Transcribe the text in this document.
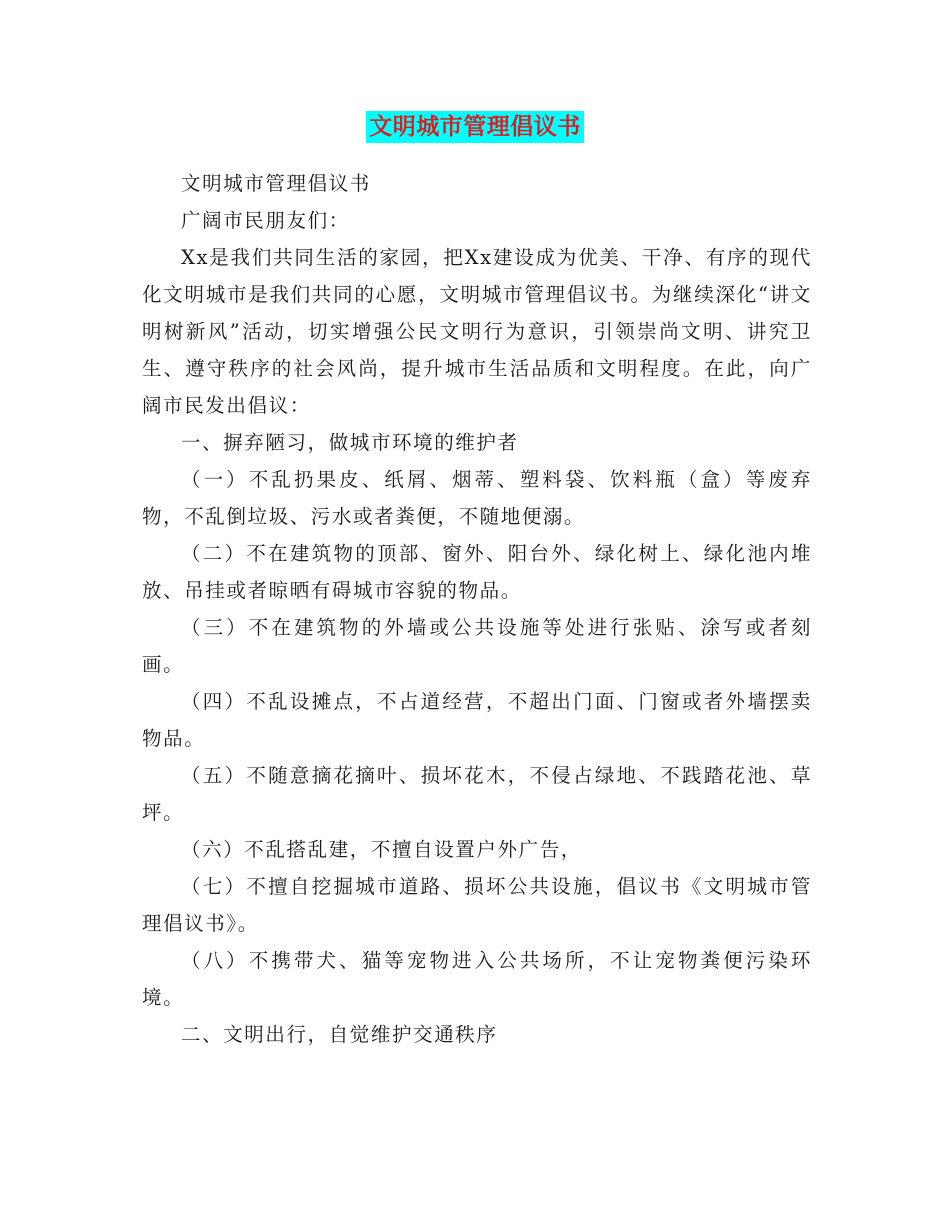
文明城市管理倡议书

文明城市管理倡议书

广阔市民朋友们：

Xx是我们共同生活的家园，把Xx建设成为优美、干净、有序的现代化文明城市是我们共同的心愿，文明城市管理倡议书。为继续深化“讲文明树新风”活动，切实增强公民文明行为意识，引领崇尚文明、讲究卫生、遵守秩序的社会风尚，提升城市生活品质和文明程度。在此，向广阔市民发出倡议：

一、摒弃陋习，做城市环境的维护者

（一）不乱扔果皮、纸屑、烟蒂、塑料袋、饮料瓶（盒）等废弃物，不乱倒垃圾、污水或者粪便，不随地便溺。

（二）不在建筑物的顶部、窗外、阳台外、绿化树上、绿化池内堆放、吊挂或者晾晒有碍城市容貌的物品。

（三）不在建筑物的外墙或公共设施等处进行张贴、涂写或者刻画。

（四）不乱设摊点，不占道经营，不超出门面、门窗或者外墙摆卖物品。

（五）不随意摘花摘叶、损坏花木，不侵占绿地、不践踏花池、草坪。

（六）不乱搭乱建，不擅自设置户外广告，

（七）不擅自挖掘城市道路、损坏公共设施，倡议书《文明城市管理倡议书》。

（八）不携带犬、猫等宠物进入公共场所，不让宠物粪便污染环境。

二、文明出行，自觉维护交通秩序
